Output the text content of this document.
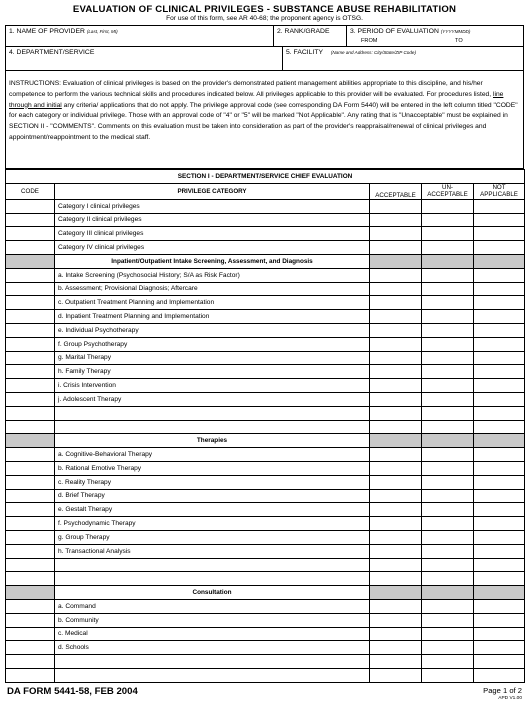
EVALUATION OF CLINICAL PRIVILEGES - SUBSTANCE ABUSE REHABILITATION
For use of this form, see AR 40-68; the proponent agency is OTSG.
1. NAME OF PROVIDER (Last, First, MI)	2. RANK/GRADE	3. PERIOD OF EVALUATION (YYYYMMDD)
FROM	TO
4. DEPARTMENT/SERVICE	5. FACILITY (Name and Address: City/State/ZIP Code)
INSTRUCTIONS: Evaluation of clinical privileges is based on the provider's demonstrated patient management abilities appropriate to this discipline, and his/her competence to perform the various technical skills and procedures indicated below. All privileges applicable to this provider will be evaluated. For procedures listed, line through and initial any criteria/ applications that do not apply. The privilege approval code (see corresponding DA Form 5440) will be entered in the left column titled "CODE" for each category or individual privilege. Those with an approval code of "4" or "5" will be marked "Not Applicable". Any rating that is "Unacceptable" must be explained in SECTION II - "COMMENTS". Comments on this evaluation must be taken into consideration as part of the provider's reappraisal/renewal of clinical privileges and appointment/reappointment to the medical staff.
SECTION I - DEPARTMENT/SERVICE CHIEF EVALUATION				
CODE	PRIVILEGE CATEGORY	ACCEPTABLE	UN-ACCEPTABLE	NOT APPLICABLE
	Category I clinical privileges			
	Category II clinical privileges			
	Category III clinical privileges			
	Category IV clinical privileges			
	Inpatient/Outpatient Intake Screening, Assessment, and Diagnosis			
	a. Intake Screening (Psychosocial History; S/A as Risk Factor)			
	b. Assessment; Provisional Diagnosis; Aftercare			
	c. Outpatient Treatment Planning and Implementation			
	d. Inpatient Treatment Planning and Implementation			
	e. Individual Psychotherapy			
	f. Group Psychotherapy			
	g. Marital Therapy			
	h. Family Therapy			
	i. Crisis Intervention			
	j. Adolescent Therapy			

	Therapies			
	a. Cognitive-Behavioral Therapy			
	b. Rational Emotive Therapy			
	c. Reality Therapy			
	d. Brief Therapy			
	e. Gestalt Therapy			
	f. Psychodynamic Therapy			
	g. Group Therapy			
	h. Transactional Analysis			

	Consultation			
	a. Command			
	b. Community			
	c. Medical			
	d. Schools			

DA FORM 5441-58, FEB 2004	Page 1 of 2
APD V1.00
